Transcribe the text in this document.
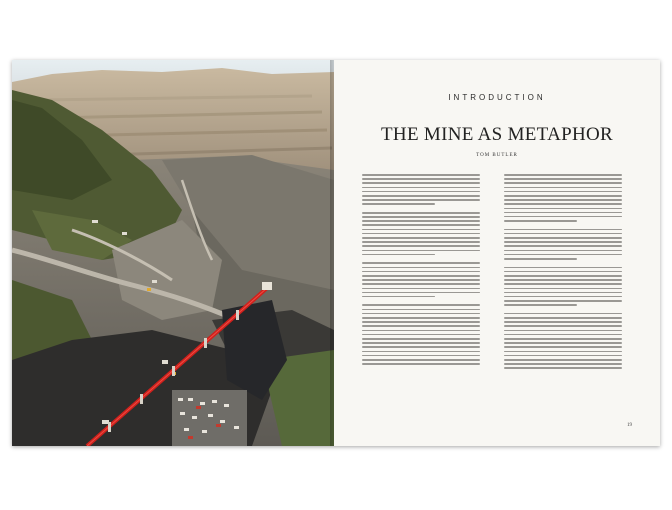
INTRODUCTION
THE MINE AS METAPHOR
TOM BUTLER
19
